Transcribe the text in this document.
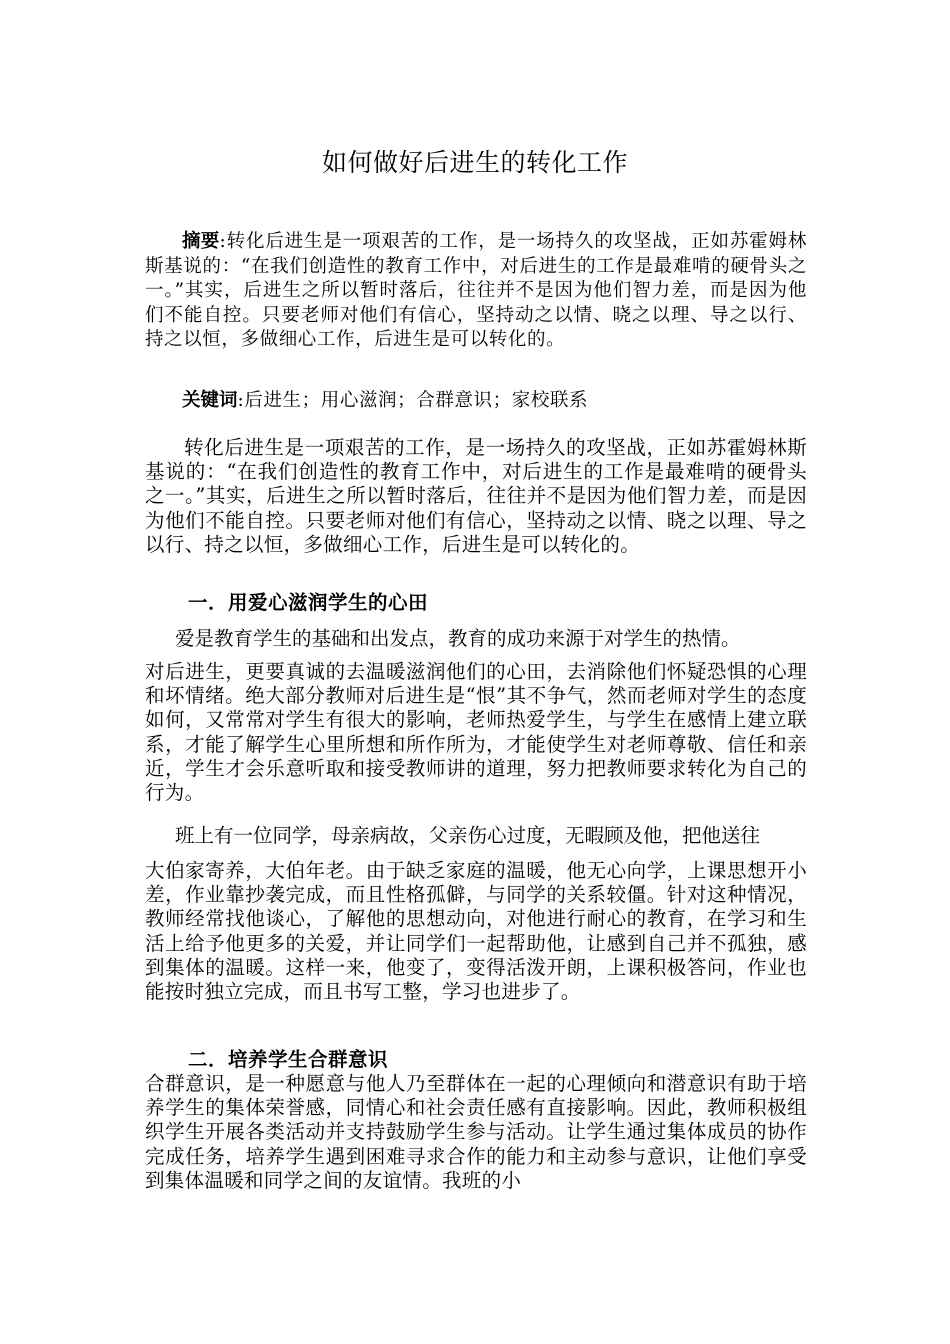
如何做好后进生的转化工作
摘要:转化后进生是一项艰苦的工作，是一场持久的攻坚战，正如苏霍姆林斯基说的：“在我们创造性的教育工作中，对后进生的工作是最难啃的硬骨头之一。”其实，后进生之所以暂时落后，往往并不是因为他们智力差，而是因为他们不能自控。只要老师对他们有信心，坚持动之以情、晓之以理、导之以行、持之以恒，多做细心工作，后进生是可以转化的。
关键词:后进生；用心滋润；合群意识；家校联系
转化后进生是一项艰苦的工作，是一场持久的攻坚战，正如苏霍姆林斯基说的：“在我们创造性的教育工作中，对后进生的工作是最难啃的硬骨头之一。”其实，后进生之所以暂时落后，往往并不是因为他们智力差，而是因为他们不能自控。只要老师对他们有信心，坚持动之以情、晓之以理、导之以行、持之以恒，多做细心工作，后进生是可以转化的。
一．用爱心滋润学生的心田
爱是教育学生的基础和出发点，教育的成功来源于对学生的热情。
对后进生，更要真诚的去温暖滋润他们的心田，去消除他们怀疑恐惧的心理和坏情绪。绝大部分教师对后进生是“恨”其不争气，然而老师对学生的态度如何，又常常对学生有很大的影响，老师热爱学生，与学生在感情上建立联系，才能了解学生心里所想和所作所为，才能使学生对老师尊敬、信任和亲近，学生才会乐意听取和接受教师讲的道理，努力把教师要求转化为自己的行为。
班上有一位同学，母亲病故，父亲伤心过度，无暇顾及他，把他送往
大伯家寄养，大伯年老。由于缺乏家庭的温暖，他无心向学，上课思想开小差，作业靠抄袭完成，而且性格孤僻，与同学的关系较僵。针对这种情况，教师经常找他谈心，了解他的思想动向，对他进行耐心的教育，在学习和生活上给予他更多的关爱，并让同学们一起帮助他，让感到自己并不孤独，感到集体的温暖。这样一来，他变了，变得活泼开朗，上课积极答问，作业也能按时独立完成，而且书写工整，学习也进步了。
二．培养学生合群意识
合群意识，是一种愿意与他人乃至群体在一起的心理倾向和潜意识有助于培养学生的集体荣誉感，同情心和社会责任感有直接影响。因此，教师积极组织学生开展各类活动并支持鼓励学生参与活动。让学生通过集体成员的协作完成任务，培养学生遇到困难寻求合作的能力和主动参与意识，让他们享受到集体温暖和同学之间的友谊情。我班的小
